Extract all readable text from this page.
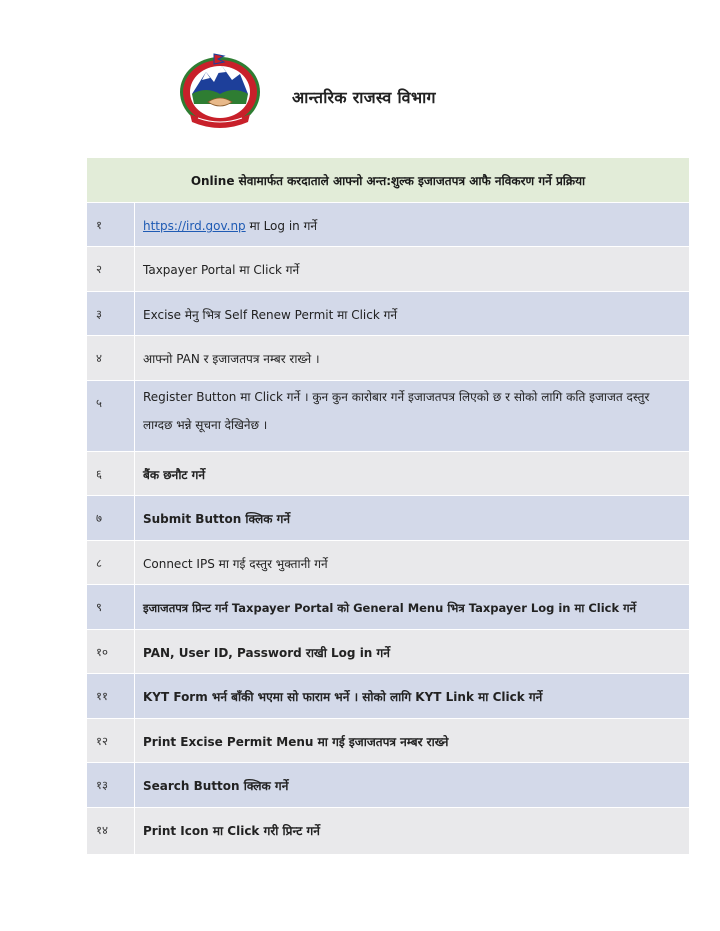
आन्तरिक राजस्व विभाग
Online सेवामार्फत करदाताले आफ्नो अन्त:शुल्क इजाजतपत्र आफै नविकरण गर्ने प्रक्रिया	
१	https://ird.gov.np मा Log in गर्ने
२	Taxpayer Portal मा Click गर्ने
३	Excise मेनु भित्र Self Renew Permit मा Click गर्ने
४	आफ्नो PAN र इजाजतपत्र नम्बर राख्ने ।
५	Register Button मा Click गर्ने । कुन कुन कारोबार गर्ने इजाजतपत्र लिएको छ र सोको लागि कति इजाजत दस्तुर लाग्दछ भन्ने सूचना देखिनेछ ।
६	बैंक छनौट गर्ने
७	Submit Button क्लिक गर्ने
८	Connect IPS मा गई दस्तुर भुक्तानी गर्ने
९	इजाजतपत्र प्रिन्ट गर्न Taxpayer Portal को General Menu भित्र Taxpayer Log in मा Click गर्ने
१०	PAN, User ID, Password राखी Log in गर्ने
११	KYT Form भर्न बाँकी भएमा सो फाराम भर्ने । सोको लागि KYT Link मा Click गर्ने
१२	Print Excise Permit Menu मा गई इजाजतपत्र नम्बर राख्ने
१३	Search Button क्लिक गर्ने
१४	Print Icon मा Click गरी प्रिन्ट गर्ने
